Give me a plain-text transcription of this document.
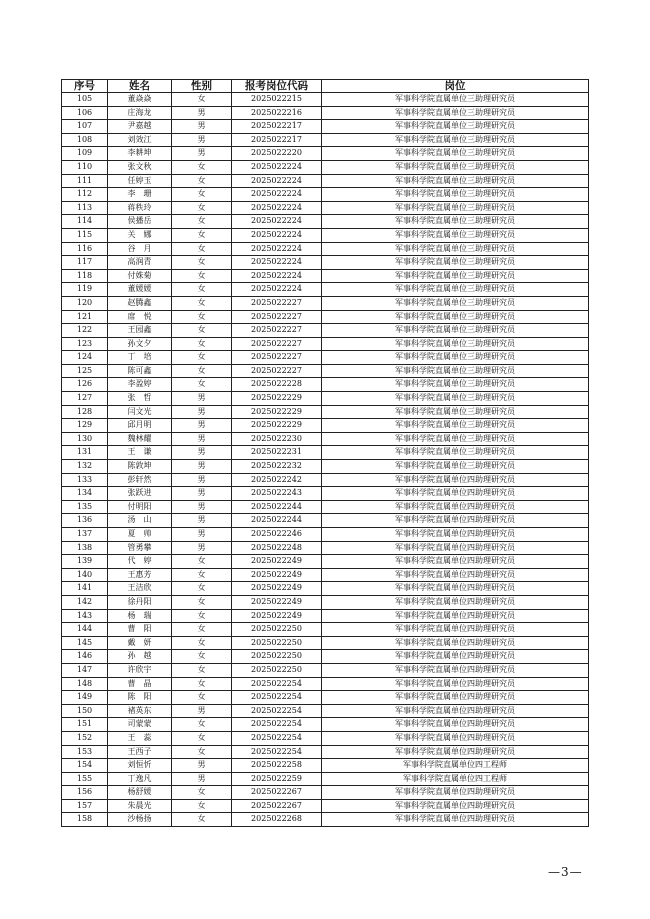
序号	姓名	性别	报考岗位代码	岗位
105	董焱焱	女	2025022215	军事科学院直属单位三助理研究员
106	庄海龙	男	2025022216	军事科学院直属单位三助理研究员
107	尹嘉越	男	2025022217	军事科学院直属单位三助理研究员
108	刘效江	男	2025022217	军事科学院直属单位三助理研究员
109	李耕坤	男	2025022220	军事科学院直属单位三助理研究员
110	张文秋	女	2025022224	军事科学院直属单位三助理研究员
111	任婷玉	女	2025022224	军事科学院直属单位三助理研究员
112	李　珊	女	2025022224	军事科学院直属单位三助理研究员
113	蒋秩玲	女	2025022224	军事科学院直属单位三助理研究员
114	侯播岳	女	2025022224	军事科学院直属单位三助理研究员
115	关　娜	女	2025022224	军事科学院直属单位三助理研究员
116	谷　月	女	2025022224	军事科学院直属单位三助理研究员
117	高润青	女	2025022224	军事科学院直属单位三助理研究员
118	付姝菊	女	2025022224	军事科学院直属单位三助理研究员
119	董媛媛	女	2025022224	军事科学院直属单位三助理研究员
120	赵腾鑫	女	2025022227	军事科学院直属单位三助理研究员
121	席　悦	女	2025022227	军事科学院直属单位三助理研究员
122	王园鑫	女	2025022227	军事科学院直属单位三助理研究员
123	孙文夕	女	2025022227	军事科学院直属单位三助理研究员
124	丁　培	女	2025022227	军事科学院直属单位三助理研究员
125	陈可鑫	女	2025022227	军事科学院直属单位三助理研究员
126	李盈婷	女	2025022228	军事科学院直属单位三助理研究员
127	张　哲	男	2025022229	军事科学院直属单位三助理研究员
128	闫文光	男	2025022229	军事科学院直属单位三助理研究员
129	邱月明	男	2025022229	军事科学院直属单位三助理研究员
130	魏林耀	男	2025022230	军事科学院直属单位三助理研究员
131	王　谦	男	2025022231	军事科学院直属单位三助理研究员
132	陈敦坤	男	2025022232	军事科学院直属单位三助理研究员
133	彭轩然	男	2025022242	军事科学院直属单位四助理研究员
134	张跃进	男	2025022243	军事科学院直属单位四助理研究员
135	付明阳	男	2025022244	军事科学院直属单位四助理研究员
136	汤　山	男	2025022244	军事科学院直属单位四助理研究员
137	夏　帅	男	2025022246	军事科学院直属单位四助理研究员
138	管勇攀	男	2025022248	军事科学院直属单位四助理研究员
139	代　婷	女	2025022249	军事科学院直属单位四助理研究员
140	王惠芳	女	2025022249	军事科学院直属单位四助理研究员
141	王洁欣	女	2025022249	军事科学院直属单位四助理研究员
142	徐丹阳	女	2025022249	军事科学院直属单位四助理研究员
143	杨　瑞	女	2025022249	军事科学院直属单位四助理研究员
144	曹　阳	女	2025022250	军事科学院直属单位四助理研究员
145	戴　妍	女	2025022250	军事科学院直属单位四助理研究员
146	孙　越	女	2025022250	军事科学院直属单位四助理研究员
147	许欣宇	女	2025022250	军事科学院直属单位四助理研究员
148	曹　晶	女	2025022254	军事科学院直属单位四助理研究员
149	陈　阳	女	2025022254	军事科学院直属单位四助理研究员
150	褚英东	男	2025022254	军事科学院直属单位四助理研究员
151	司蒙蒙	女	2025022254	军事科学院直属单位四助理研究员
152	王　蕊	女	2025022254	军事科学院直属单位四助理研究员
153	王西子	女	2025022254	军事科学院直属单位四助理研究员
154	刘恒忻	男	2025022258	军事科学院直属单位四工程师
155	丁逸凡	男	2025022259	军事科学院直属单位四工程师
156	杨舒媛	女	2025022267	军事科学院直属单位四助理研究员
157	朱晨光	女	2025022267	军事科学院直属单位四助理研究员
158	沙杨扬	女	2025022268	军事科学院直属单位四助理研究员
—3—
